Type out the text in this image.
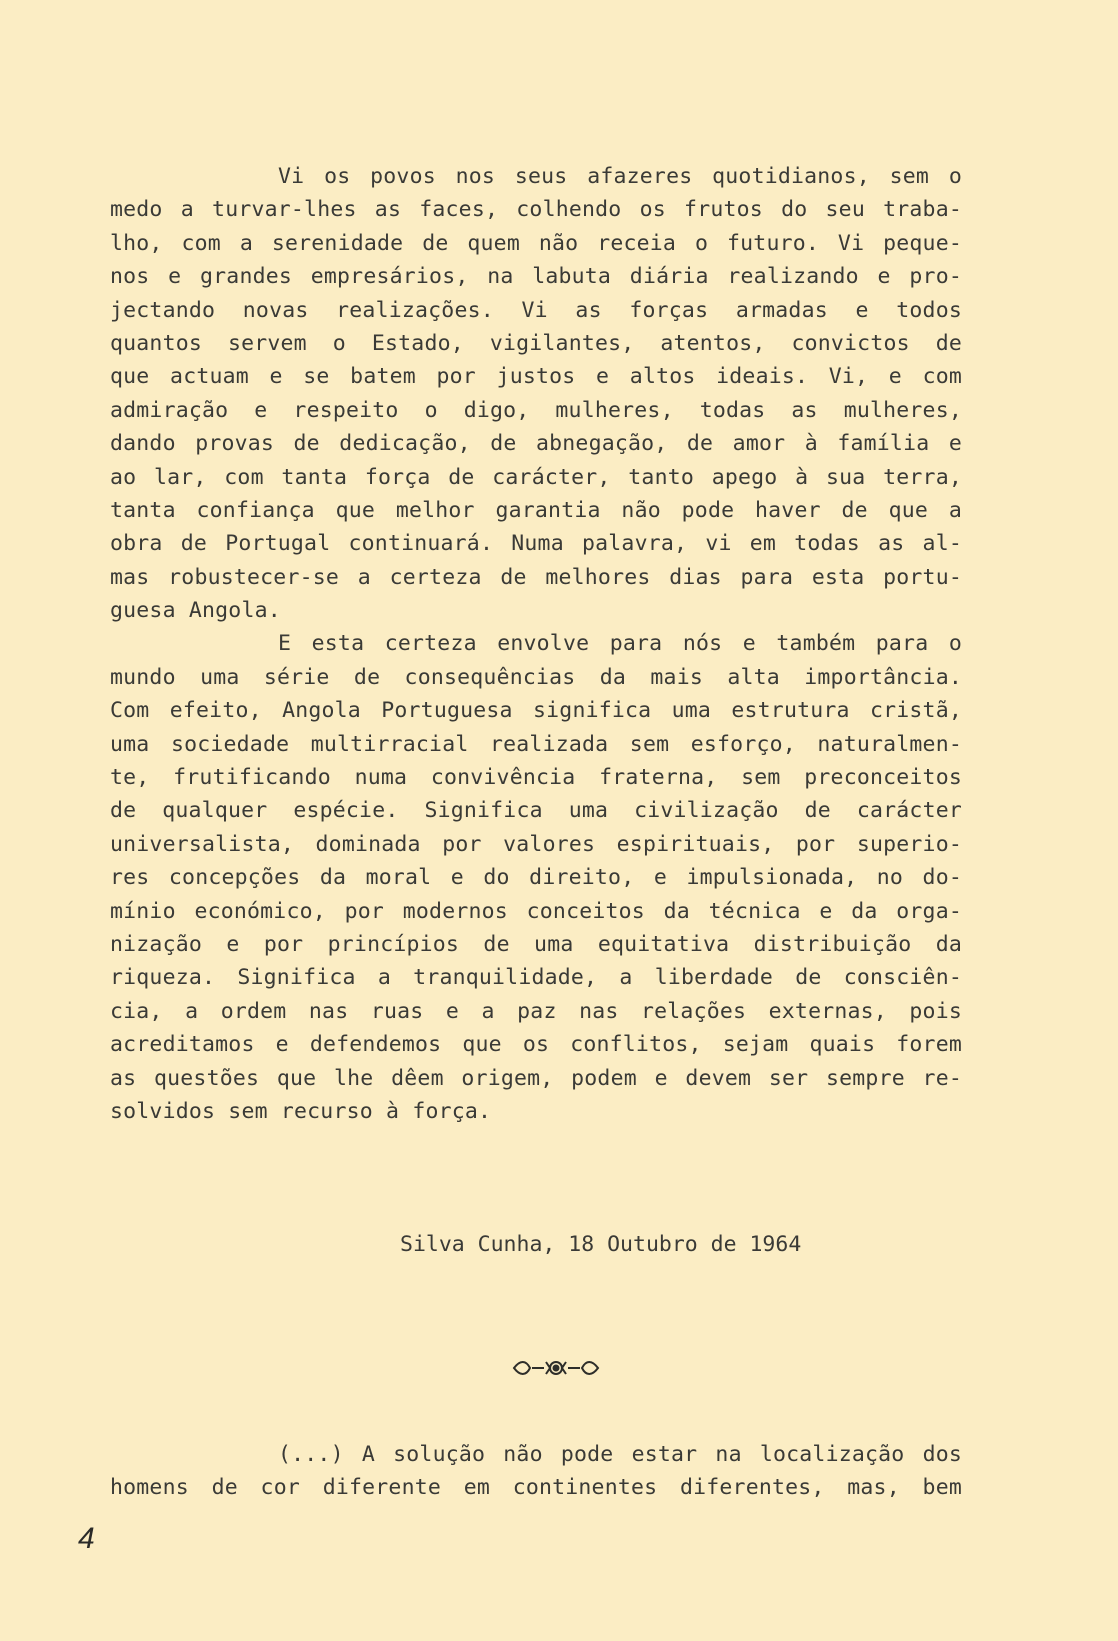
Vi os povos nos seus afazeres quotidianos, sem o
medo a turvar-lhes as faces, colhendo os frutos do seu traba-
lho, com a serenidade de quem não receia o futuro. Vi peque-
nos e grandes empresários, na labuta diária realizando e pro-
jectando novas realizações. Vi as forças armadas e todos
quantos servem o Estado, vigilantes, atentos, convictos de
que actuam e se batem por justos e altos ideais. Vi, e com
admiração e respeito o digo, mulheres, todas as mulheres,
dando provas de dedicação, de abnegação, de amor à família e
ao lar, com tanta força de carácter, tanto apego à sua terra,
tanta confiança que melhor garantia não pode haver de que a
obra de Portugal continuará. Numa palavra, vi em todas as al-
mas robustecer-se a certeza de melhores dias para esta portu-
guesa Angola.
E esta certeza envolve para nós e também para o
mundo uma série de consequências da mais alta importância.
Com efeito, Angola Portuguesa significa uma estrutura cristã,
uma sociedade multirracial realizada sem esforço, naturalmen-
te, frutificando numa convivência fraterna, sem preconceitos
de qualquer espécie. Significa uma civilização de carácter
universalista, dominada por valores espirituais, por superio-
res concepções da moral e do direito, e impulsionada, no do-
mínio económico, por modernos conceitos da técnica e da orga-
nização e por princípios de uma equitativa distribuição da
riqueza. Significa a tranquilidade, a liberdade de consciên-
cia, a ordem nas ruas e a paz nas relações externas, pois
acreditamos e defendemos que os conflitos, sejam quais forem
as questões que lhe dêem origem, podem e devem ser sempre re-
solvidos sem recurso à força.
Silva Cunha, 18 Outubro de 1964
(...) A solução não pode estar na localização dos
homens de cor diferente em continentes diferentes, mas, bem
4
